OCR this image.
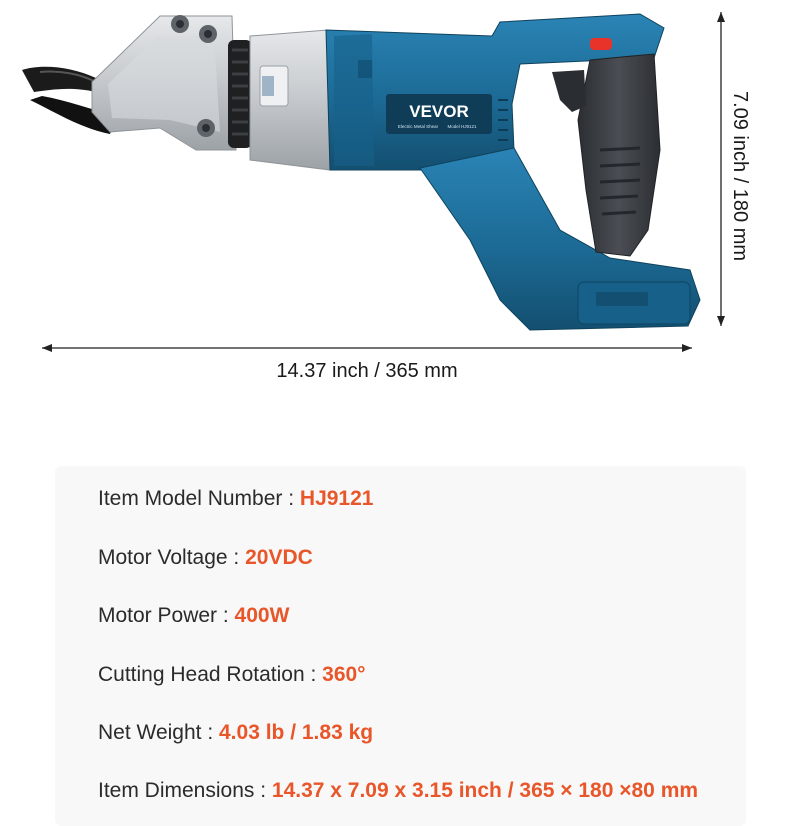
14.37 inch / 365 mm
7.09 inch / 180 mm
VEVOR
Electric Metal Shear Model HJ9121
Item Model Number : HJ9121
Motor Voltage : 20VDC
Motor Power : 400W
Cutting Head Rotation : 360°
Net Weight : 4.03 lb / 1.83 kg
Item Dimensions : 14.37 x 7.09 x 3.15 inch / 365 × 180 ×80 mm
